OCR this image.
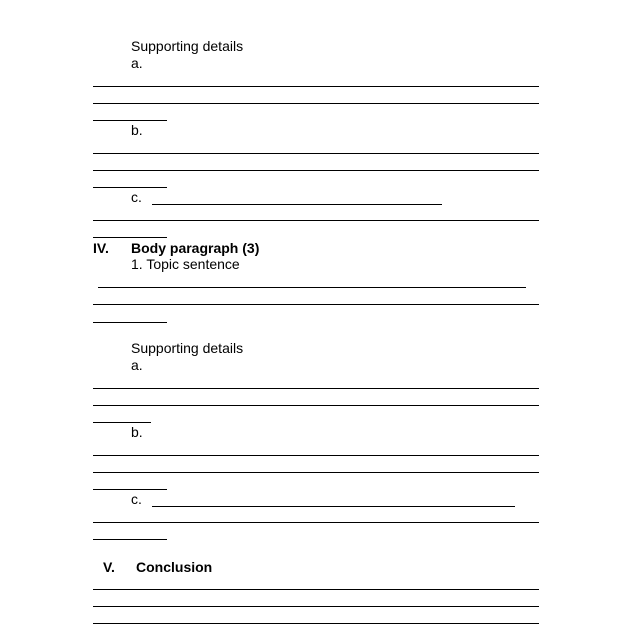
Supporting details
a.
b.
c.
IV. Body paragraph (3)
1. Topic sentence
Supporting details
a.
b.
c.
V. Conclusion
